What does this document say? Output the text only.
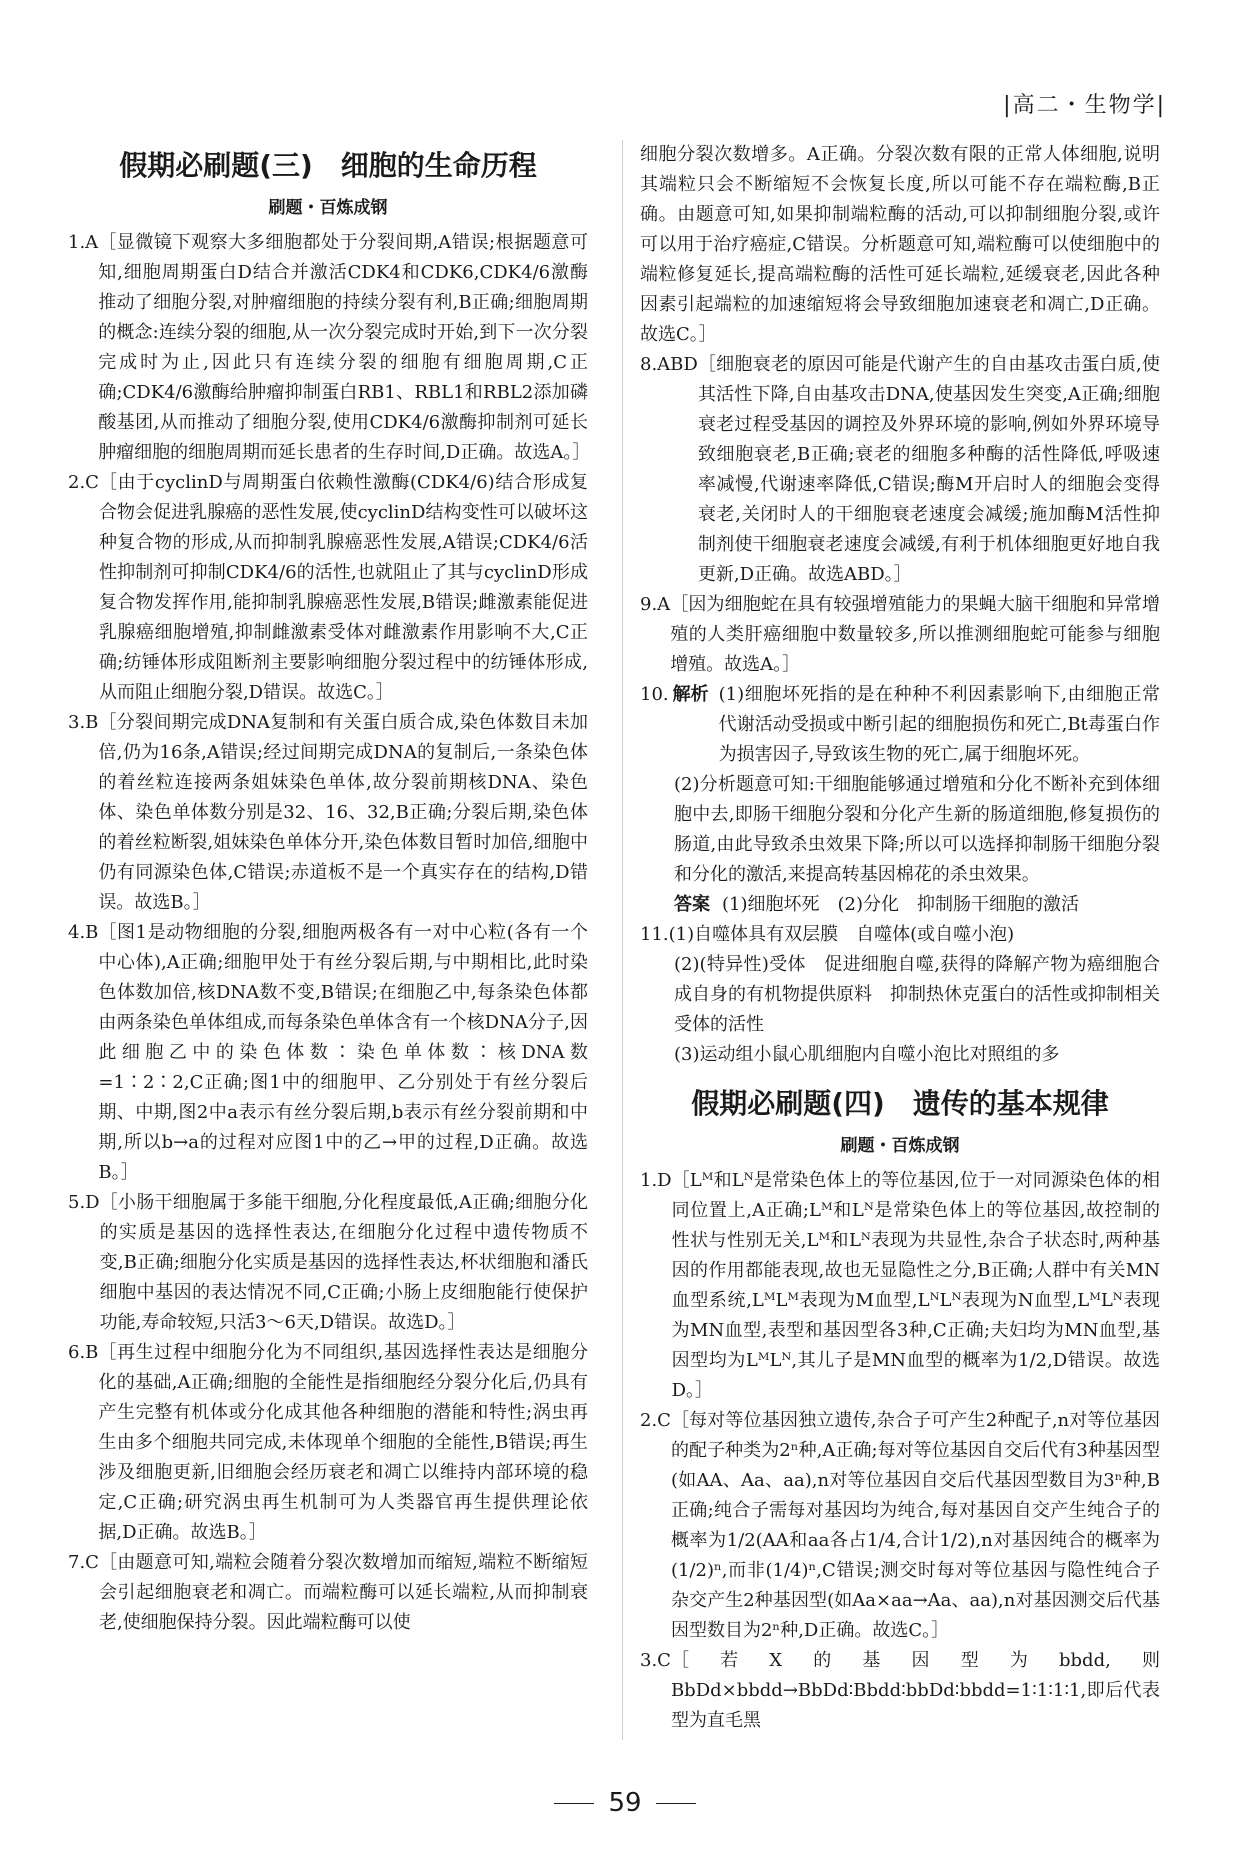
|高二・生物学|
假期必刷题(三)　细胞的生命历程
刷题・百炼成钢
1.A ［显微镜下观察大多细胞都处于分裂间期,A错误;根据题意可知,细胞周期蛋白D结合并激活CDK4和CDK6,CDK4/6激酶推动了细胞分裂,对肿瘤细胞的持续分裂有利,B正确;细胞周期的概念:连续分裂的细胞,从一次分裂完成时开始,到下一次分裂完成时为止,因此只有连续分裂的细胞有细胞周期,C正确;CDK4/6激酶给肿瘤抑制蛋白RB1、RBL1和RBL2添加磷酸基团,从而推动了细胞分裂,使用CDK4/6激酶抑制剂可延长肿瘤细胞的细胞周期而延长患者的生存时间,D正确。故选A。］
2.C ［由于cyclinD与周期蛋白依赖性激酶(CDK4/6)结合形成复合物会促进乳腺癌的恶性发展,使cyclinD结构变性可以破坏这种复合物的形成,从而抑制乳腺癌恶性发展,A错误;CDK4/6活性抑制剂可抑制CDK4/6的活性,也就阻止了其与cyclinD形成复合物发挥作用,能抑制乳腺癌恶性发展,B错误;雌激素能促进乳腺癌细胞增殖,抑制雌激素受体对雌激素作用影响不大,C正确;纺锤体形成阻断剂主要影响细胞分裂过程中的纺锤体形成,从而阻止细胞分裂,D错误。故选C。］
3.B ［分裂间期完成DNA复制和有关蛋白质合成,染色体数目未加倍,仍为16条,A错误;经过间期完成DNA的复制后,一条染色体的着丝粒连接两条姐妹染色单体,故分裂前期核DNA、染色体、染色单体数分别是32、16、32,B正确;分裂后期,染色体的着丝粒断裂,姐妹染色单体分开,染色体数目暂时加倍,细胞中仍有同源染色体,C错误;赤道板不是一个真实存在的结构,D错误。故选B。］
4.B ［图1是动物细胞的分裂,细胞两极各有一对中心粒(各有一个中心体),A正确;细胞甲处于有丝分裂后期,与中期相比,此时染色体数加倍,核DNA数不变,B错误;在细胞乙中,每条染色体都由两条染色单体组成,而每条染色单体含有一个核DNA分子,因此细胞乙中的染色体数∶染色单体数∶核DNA数=1∶2∶2,C正确;图1中的细胞甲、乙分别处于有丝分裂后期、中期,图2中a表示有丝分裂后期,b表示有丝分裂前期和中期,所以b→a的过程对应图1中的乙→甲的过程,D正确。故选B。］
5.D ［小肠干细胞属于多能干细胞,分化程度最低,A正确;细胞分化的实质是基因的选择性表达,在细胞分化过程中遗传物质不变,B正确;细胞分化实质是基因的选择性表达,杯状细胞和潘氏细胞中基因的表达情况不同,C正确;小肠上皮细胞能行使保护功能,寿命较短,只活3～6天,D错误。故选D。］
6.B ［再生过程中细胞分化为不同组织,基因选择性表达是细胞分化的基础,A正确;细胞的全能性是指细胞经分裂分化后,仍具有产生完整有机体或分化成其他各种细胞的潜能和特性;涡虫再生由多个细胞共同完成,未体现单个细胞的全能性,B错误;再生涉及细胞更新,旧细胞会经历衰老和凋亡以维持内部环境的稳定,C正确;研究涡虫再生机制可为人类器官再生提供理论依据,D正确。故选B。］
7.C ［由题意可知,端粒会随着分裂次数增加而缩短,端粒不断缩短会引起细胞衰老和凋亡。而端粒酶可以延长端粒,从而抑制衰老,使细胞保持分裂。因此端粒酶可以使
细胞分裂次数增多。A正确。分裂次数有限的正常人体细胞,说明其端粒只会不断缩短不会恢复长度,所以可能不存在端粒酶,B正确。由题意可知,如果抑制端粒酶的活动,可以抑制细胞分裂,或许可以用于治疗癌症,C错误。分析题意可知,端粒酶可以使细胞中的端粒修复延长,提高端粒酶的活性可延长端粒,延缓衰老,因此各种因素引起端粒的加速缩短将会导致细胞加速衰老和凋亡,D正确。故选C。］
8.ABD ［细胞衰老的原因可能是代谢产生的自由基攻击蛋白质,使其活性下降,自由基攻击DNA,使基因发生突变,A正确;细胞衰老过程受基因的调控及外界环境的影响,例如外界环境导致细胞衰老,B正确;衰老的细胞多种酶的活性降低,呼吸速率减慢,代谢速率降低,C错误;酶M开启时人的细胞会变得衰老,关闭时人的干细胞衰老速度会减缓;施加酶M活性抑制剂使干细胞衰老速度会减缓,有利于机体细胞更好地自我更新,D正确。故选ABD。］
9.A ［因为细胞蛇在具有较强增殖能力的果蝇大脑干细胞和异常增殖的人类肝癌细胞中数量较多,所以推测细胞蛇可能参与细胞增殖。故选A。］
10. 解析 (1)细胞坏死指的是在种种不利因素影响下,由细胞正常代谢活动受损或中断引起的细胞损伤和死亡,Bt毒蛋白作为损害因子,导致该生物的死亡,属于细胞坏死。
(2)分析题意可知:干细胞能够通过增殖和分化不断补充到体细胞中去,即肠干细胞分裂和分化产生新的肠道细胞,修复损伤的肠道,由此导致杀虫效果下降;所以可以选择抑制肠干细胞分裂和分化的激活,来提高转基因棉花的杀虫效果。
答案 (1)细胞坏死　(2)分化　抑制肠干细胞的激活
11. (1)自噬体具有双层膜　自噬体(或自噬小泡)
(2)(特异性)受体　促进细胞自噬,获得的降解产物为癌细胞合成自身的有机物提供原料　抑制热休克蛋白的活性或抑制相关受体的活性
(3)运动组小鼠心肌细胞内自噬小泡比对照组的多
假期必刷题(四)　遗传的基本规律
刷题・百炼成钢
1.D ［Lᴹ和Lᴺ是常染色体上的等位基因,位于一对同源染色体的相同位置上,A正确;Lᴹ和Lᴺ是常染色体上的等位基因,故控制的性状与性别无关,Lᴹ和Lᴺ表现为共显性,杂合子状态时,两种基因的作用都能表现,故也无显隐性之分,B正确;人群中有关MN血型系统,LᴹLᴹ表现为M血型,LᴺLᴺ表现为N血型,LᴹLᴺ表现为MN血型,表型和基因型各3种,C正确;夫妇均为MN血型,基因型均为LᴹLᴺ,其儿子是MN血型的概率为1/2,D错误。故选D。］
2.C ［每对等位基因独立遗传,杂合子可产生2种配子,n对等位基因的配子种类为2ⁿ种,A正确;每对等位基因自交后代有3种基因型(如AA、Aa、aa),n对等位基因自交后代基因型数目为3ⁿ种,B正确;纯合子需每对基因均为纯合,每对基因自交产生纯合子的概率为1/2(AA和aa各占1/4,合计1/2),n对基因纯合的概率为(1/2)ⁿ,而非(1/4)ⁿ,C错误;测交时每对等位基因与隐性纯合子杂交产生2种基因型(如Aa×aa→Aa、aa),n对基因测交后代基因型数目为2ⁿ种,D正确。故选C。］
3.C ［若X的基因型为bbdd,则BbDd×bbdd→BbDd∶Bbdd∶bbDd∶bbdd=1∶1∶1∶1,即后代表型为直毛黑
59
